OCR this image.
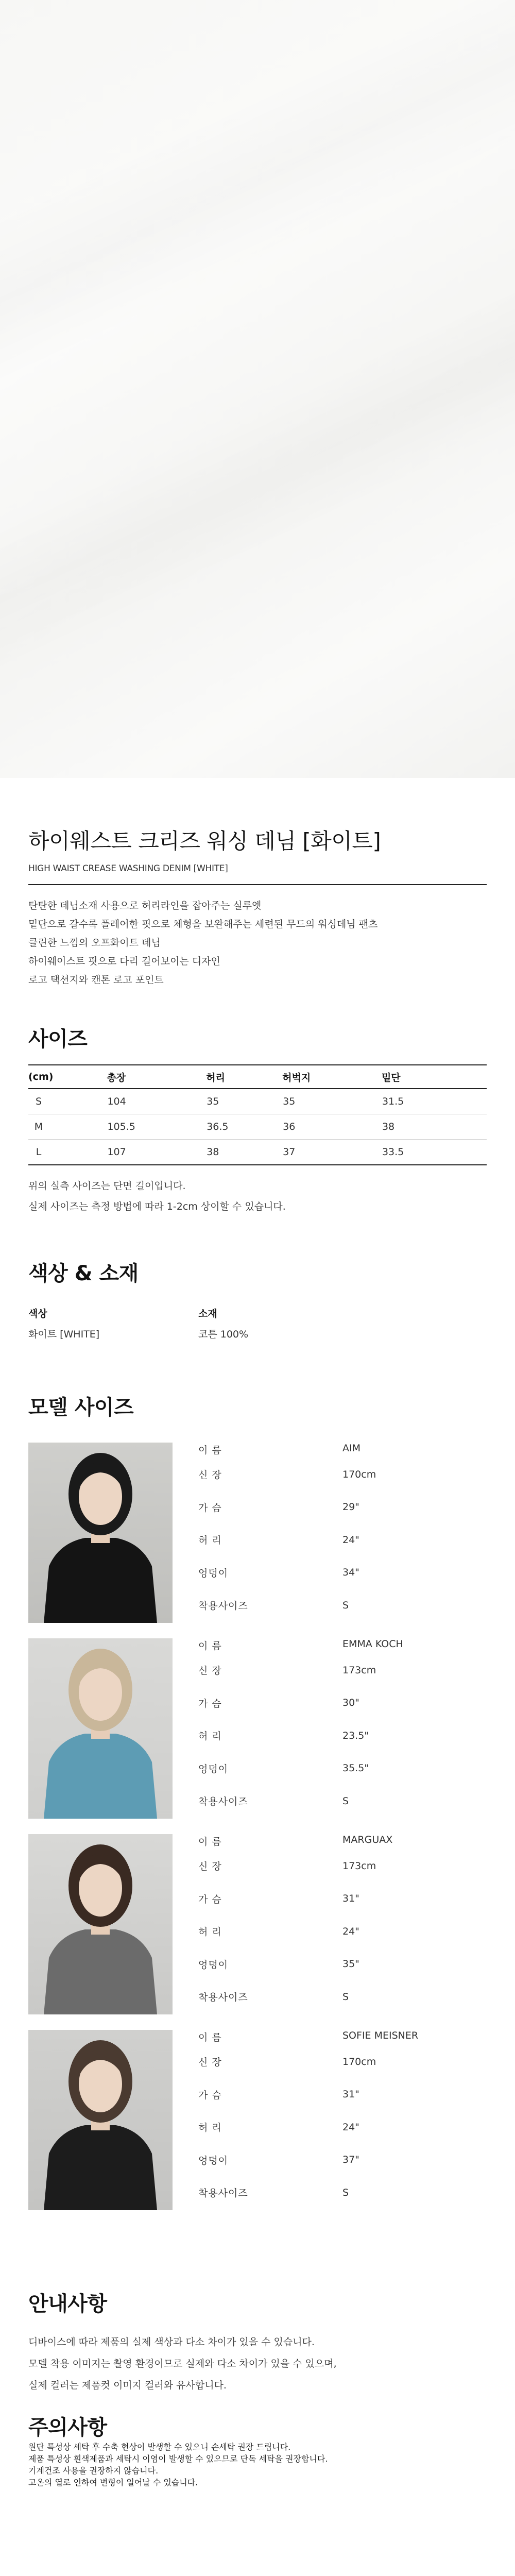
하이웨스트 크리즈 워싱 데님 [화이트]
HIGH WAIST CREASE WASHING DENIM [WHITE]
탄탄한 데님소재 사용으로 허리라인을 잡아주는 실루엣
밑단으로 갈수록 플레어한 핏으로 체형을 보완해주는 세련된 무드의 워싱데님 팬츠
클린한 느낌의 오프화이트 데님
하이웨이스트 핏으로 다리 길어보이는 디자인
로고 택션지와 캔톤 로고 포인트
사이즈
(cm)	총장	허리	허벅지	밑단
S	104	35	35	31.5
M	105.5	36.5	36	38
L	107	38	37	33.5
위의 실측 사이즈는 단면 길이입니다.
실제 사이즈는 측정 방법에 따라 1-2cm 상이할 수 있습니다.
색상 & 소재
색상
화이트 [WHITE]
소재
코튼 100%
모델 사이즈
이 름	AIM
신 장	170cm
가 슴	29"
허 리	24"
엉덩이	34"
착용사이즈	S
이 름	EMMA KOCH
신 장	173cm
가 슴	30"
허 리	23.5"
엉덩이	35.5"
착용사이즈	S
이 름	MARGUAX
신 장	173cm
가 슴	31"
허 리	24"
엉덩이	35"
착용사이즈	S
이 름	SOFIE MEISNER
신 장	170cm
가 슴	31"
허 리	24"
엉덩이	37"
착용사이즈	S
안내사항
디바이스에 따라 제품의 실제 색상과 다소 차이가 있을 수 있습니다.
모델 착용 이미지는 촬영 환경이므로 실제와 다소 차이가 있을 수 있으며,
실제 컬러는 제품컷 이미지 컬러와 유사합니다.
주의사항
원단 특성상 세탁 후 수축 현상이 발생할 수 있으니 손세탁 권장 드립니다.
제품 특성상 흰색제품과 세탁시 이염이 발생할 수 있으므로 단독 세탁을 권장합니다.
기계건조 사용을 권장하지 않습니다.
고온의 열로 인하여 변형이 일어날 수 있습니다.
